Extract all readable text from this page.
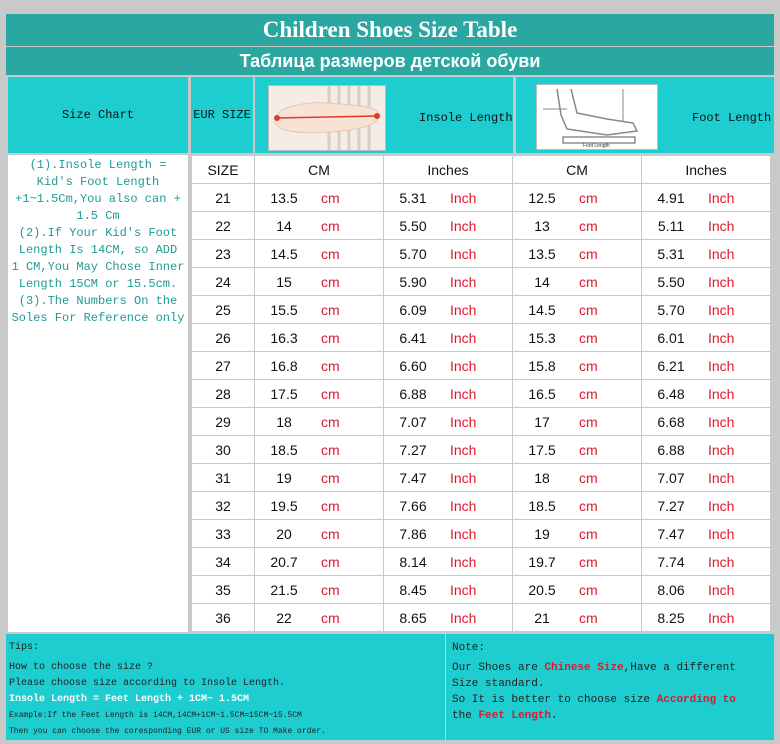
Children Shoes Size Table
Таблица размеров детской обуви
Size Chart	EUR SIZE	Insole Length
Foot Length
Foot Length
(1).Insole Length =
Kid's Foot Length
+1~1.5Cm,You also can +
1.5 Cm
(2).If Your Kid's Foot
Length Is 14CM, so ADD
1 CM,You May Chose Inner
Length 15CM or 15.5cm.
(3).The Numbers On the
Soles For Reference only
SIZE	CM	Inches	CM	Inches
21	13.5 cm	5.31 Inch	12.5 cm	4.91 Inch
22	14 cm	5.50 Inch	13 cm	5.11 Inch
23	14.5 cm	5.70 Inch	13.5 cm	5.31 Inch
24	15 cm	5.90 Inch	14 cm	5.50 Inch
25	15.5 cm	6.09 Inch	14.5 cm	5.70 Inch
26	16.3 cm	6.41 Inch	15.3 cm	6.01 Inch
27	16.8 cm	6.60 Inch	15.8 cm	6.21 Inch
28	17.5 cm	6.88 Inch	16.5 cm	6.48 Inch
29	18 cm	7.07 Inch	17 cm	6.68 Inch
30	18.5 cm	7.27 Inch	17.5 cm	6.88 Inch
31	19 cm	7.47 Inch	18 cm	7.07 Inch
32	19.5 cm	7.66 Inch	18.5 cm	7.27 Inch
33	20 cm	7.86 Inch	19 cm	7.47 Inch
34	20.7 cm	8.14 Inch	19.7 cm	7.74 Inch
35	21.5 cm	8.45 Inch	20.5 cm	8.06 Inch
36	22 cm	8.65 Inch	21 cm	8.25 Inch
Tips:
How to choose the size ?
Please choose size according to Insole Length.
Insole Length = Feet Length + 1CM~ 1.5CM
Example:If the Feet Length is 14CM,14CM+1CM~1.5CM=15CM~15.5CM
Then you can choose the coresponding EUR or US size TO Make order.
Note:
Our Shoes are Chinese Size,Have a different
Size standard.
So It is better to choose size According to
the Feet Length.
